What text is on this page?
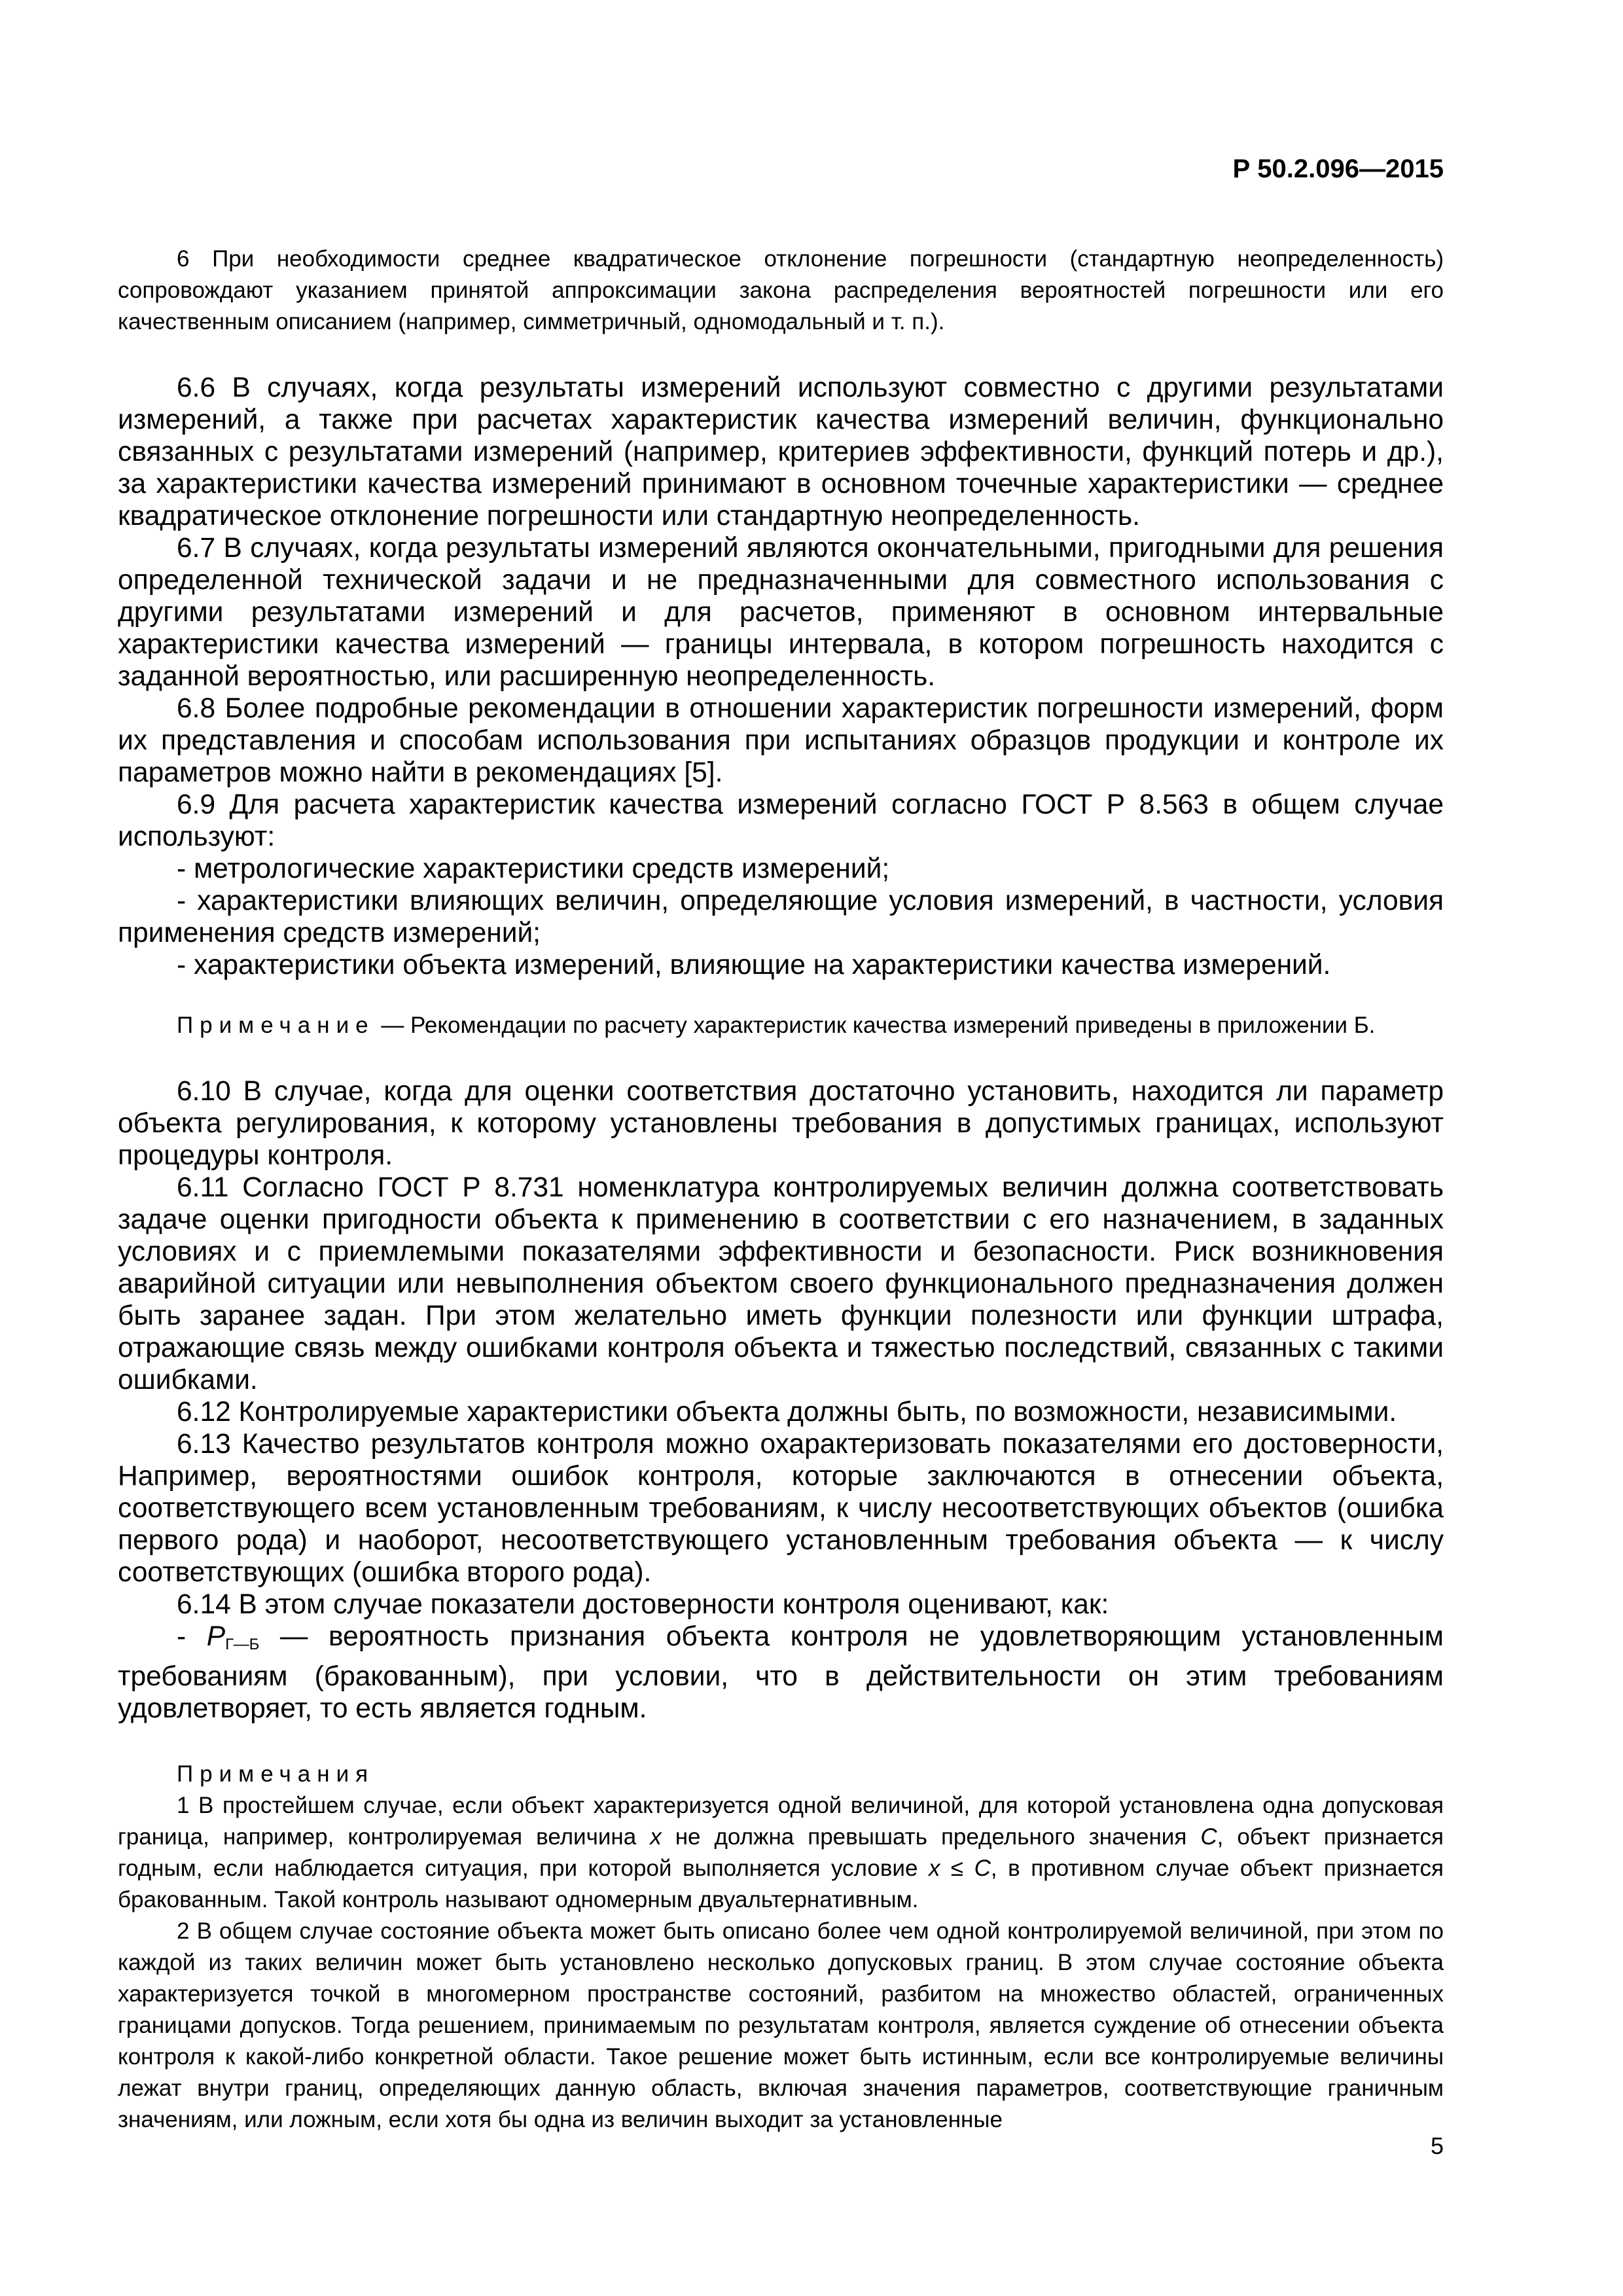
Р 50.2.096—2015

6 При необходимости среднее квадратическое отклонение погрешности (стандартную неопределенность) сопровождают указанием принятой аппроксимации закона распределения вероятностей погрешности или его качественным описанием (например, симметричный, одномодальный и т. п.).

6.6 В случаях, когда результаты измерений используют совместно с другими результатами измерений, а также при расчетах характеристик качества измерений величин, функционально связанных с результатами измерений (например, критериев эффективности, функций потерь и др.), за характеристики качества измерений принимают в основном точечные характеристики — среднее квадратическое отклонение погрешности или стандартную неопределенность.

6.7 В случаях, когда результаты измерений являются окончательными, пригодными для решения определенной технической задачи и не предназначенными для совместного использования с другими результатами измерений и для расчетов, применяют в основном интервальные характеристики качества измерений — границы интервала, в котором погрешность находится с заданной вероятностью, или расширенную неопределенность.

6.8 Более подробные рекомендации в отношении характеристик погрешности измерений, форм их представления и способам использования при испытаниях образцов продукции и контроле их параметров можно найти в рекомендациях [5].

6.9 Для расчета характеристик качества измерений согласно ГОСТ Р 8.563 в общем случае используют:

- метрологические характеристики средств измерений;

- характеристики влияющих величин, определяющие условия измерений, в частности, условия применения средств измерений;

- характеристики объекта измерений, влияющие на характеристики качества измерений.

Примечание — Рекомендации по расчету характеристик качества измерений приведены в приложении Б.

6.10 В случае, когда для оценки соответствия достаточно установить, находится ли параметр объекта регулирования, к которому установлены требования в допустимых границах, используют процедуры контроля.

6.11 Согласно ГОСТ Р 8.731 номенклатура контролируемых величин должна соответствовать задаче оценки пригодности объекта к применению в соответствии с его назначением, в заданных условиях и с приемлемыми показателями эффективности и безопасности. Риск возникновения аварийной ситуации или невыполнения объектом своего функционального предназначения должен быть заранее задан. При этом желательно иметь функции полезности или функции штрафа, отражающие связь между ошибками контроля объекта и тяжестью последствий, связанных с такими ошибками.

6.12 Контролируемые характеристики объекта должны быть, по возможности, независимыми.

6.13 Качество результатов контроля можно охарактеризовать показателями его достоверности, Например, вероятностями ошибок контроля, которые заключаются в отнесении объекта, соответствующего всем установленным требованиям, к числу несоответствующих объектов (ошибка первого рода) и наоборот, несоответствующего установленным требования объекта — к числу соответствующих (ошибка второго рода).

6.14 В этом случае показатели достоверности контроля оценивают, как:

- $P_{Г—Б}$ — вероятность признания объекта контроля не удовлетворяющим установленным требованиям (бракованным), при условии, что в действительности он этим требованиям удовлетворяет, то есть является годным.

Примечания

1 В простейшем случае, если объект характеризуется одной величиной, для которой установлена одна допусковая граница, например, контролируемая величина x не должна превышать предельного значения C, объект признается годным, если наблюдается ситуация, при которой выполняется условие x ≤ C, в противном случае объект признается бракованным. Такой контроль называют одномерным двуальтернативным.

2 В общем случае состояние объекта может быть описано более чем одной контролируемой величиной, при этом по каждой из таких величин может быть установлено несколько допусковых границ. В этом случае состояние объекта характеризуется точкой в многомерном пространстве состояний, разбитом на множество областей, ограниченных границами допусков. Тогда решением, принимаемым по результатам контроля, является суждение об отнесении объекта контроля к какой-либо конкретной области. Такое решение может быть истинным, если все контролируемые величины лежат внутри границ, определяющих данную область, включая значения параметров, соответствующие граничным значениям, или ложным, если хотя бы одна из величин выходит за установленные

5
